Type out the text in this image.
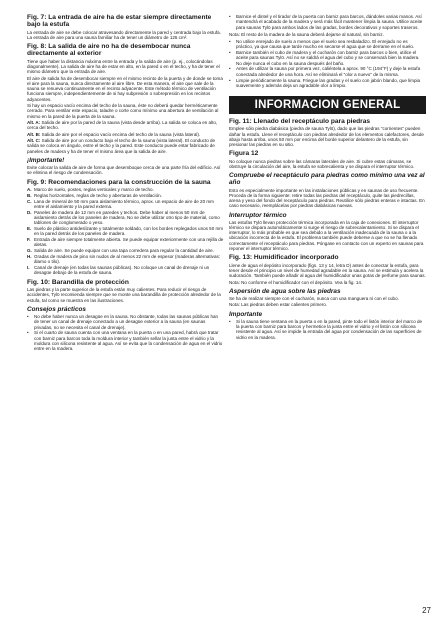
Fig. 7: La entrada de aire ha de estar siempre directamente bajo la estufa

La entrada de aire se debe colocar atravesando directamente la pared y centrada bajo la estufa. La entrada de aire para una sauna familiar ha de tener un diámetro de 125 cm².

Fig. 8: La salida de aire no ha de desembocar nunca directamente al exterior

Tiene que haber la distancia máxima entre la entrada y la salida de aire (p. ej., colocándolas diagonalmente). La salida de aire ha de estar en alto, en la pared o en el techo, y ha de tener el mismo diámetro que la entrada de aire.

El aire de salida ha de desembocar siempre en el mismo recinto de la puerta y de donde se toma el aire para la sauna, nunca directamente al aire libre. De esta manera, el aire que sale de la sauna se renueva continuamente en el recinto adyacente. Este método térmico de ventilación funciona siempre, independientemente de si hay subpresión o sobrepresión en los recintos adyacentes.

Si hay un espacio vacío encima del techo de la sauna, éste no deberá quedar herméticamente cerrado. Para ventilar este espacio, taladre o corte como mínimo una abertura de ventilación al mismo en la pared de la puerta de la sauna.

Alt. A: Salida de aire por la pared de la sauna (vista desde arriba). La salida se coloca en alto, cerca del techo.

Alt. B: Salida de aire por el espacio vacío encima del techo de la sauna (vista lateral).

Alt. C: Salida de aire por un conducto bajo el techo de la sauna (vista lateral). El conducto de salida se coloca en ángulo, entre el techo y la pared. Este conducto puede estar fabricado de paneles de madera y ha de tener el mismo área que la salida de aire.

¡Importante!

Evite colocar la salida de aire de forma que desemboque cerca de una parte fría del edificio. Así se elimina el riesgo de condensación.

Fig. 9: Recomendaciones para la construcción de la sauna
A. Marco de suelo, postes, reglas verticales y marco de techo.
B. Reglas horizontales, reglas de techo y aberturas de ventilación.
C. Lana de mineral de 50 mm para aislamiento térmico, aprox. un espacio de aire de 20 mm entre el aislamiento y la pared externa.
D. Paneles de madera de 12 mm en paredes y techos. Debe haber al menos 50 mm de aislamiento detrás de los paneles de madera. No se debe utilizar otro tipo de material, como tablones de conglomerado o yeso.
E. Suelo de plástico antideslizante y totalmente soldado, con los bordes replegados unos 50 mm en la pared detrás de los paneles de madera.
F. Entrada de aire siempre totalmente abierta. Se puede equipar exteriormente con una rejilla de aletas.
G. Salida de aire. Se puede equipar con una tapa corredera para regular la cantidad de aire.
H. Gradas de madera de pino sin nudos de al menos 22 mm de espesor (maderas alternativas: álamo o tilo).
I. Canal de drenaje (en todas las saunas públicas). No coloque un canal de drenaje ni un desagüe debajo de la estufa de sauna.
Fig. 10: Barandilla de protección

Las piedras y la parte superior de la estufa están muy calientes. Para reducir el riesgo de accidentes, Tylö recomienda siempre que se monte una barandilla de protección alrededor de la estufa, tal como se muestra en las ilustraciones.

Consejos prácticos
• No debe haber nunca un desagüe en la sauna. No obstante, todas las saunas públicas han de tener un canal de drenaje conectado a un desagüe exterior a la sauna (en saunas privadas, no se necesita el canal de drenaje).
• Si el cuarto de sauna cuenta con una ventana en la puerta o en una pared, habrá que tratar con barniz para barcos toda la moldura interior y también sellar la junta entre el vidrio y la moldura con silicona resistente al agua. Así se evita que la condensación de agua en el vidrio entre en la madera.
• Barnice el dintel y el tirador de la puerta con barniz para barcos, dándoles varias manos. Así mantendrá el acabado de la madera y será más fácil mantener limpia la sauna. Utilice aceite para saunas Tylö para ambos lados de las gradas, bordes decorativos y soportes traseros.

Nota: El resto de la madera de la sauna deberá dejarse al natural, sin barniz.

• No utilice enrejado de suelo a menos que el suelo sea resbaladizo. El enrejado no es práctico, ya que causa que tarde mucho en secarse el agua que se derrame en el suelo.
• Barnice también el cubo de madera y el cucharón con barniz para barcos o bien, utilice el aceite para saunas Tylö. Así no se saldrá el agua del cubo y se conservará bien la madera. No deje nunca el cubo en la sauna después del baño.
• Antes de utilizar la sauna por primera vez, caliéntela a aprox. 90 °C (194°F) y deje la estufa conectada alrededor de una hora. Así se eliminará el "olor a nuevo" de la misma.
• Limpie periódicamente la sauna. Friegue las gradas y el suelo con jabón blando, que limpia suavemente y además deja un agradable olor a limpio.
INFORMACION GENERAL
Fig. 11: Llenado del receptáculo para piedras

Emplee sólo piedra diabásica (piedra de sauna Tylö), dado que las piedras "corrientes" pueden dañar la estufa. Llene el receptáculo con piedras alrededor de los elementos calefactores, desde abajo hasta arriba, unos 50 mm por encima del borde superior delantero de la estufa, sin presionar las piedras en su sitio.

Figura 12

No coloque nunca piedras sobre las cámaras laterales de aire. Si cubre estas cámaras, se obstruye la circulación del aire, la estufa se sobrecalienta y se dispara el interruptor térmico.

Compruebe el receptáculo para piedras como mínimo una vez al año

Esto es especialmente importante en las instalaciones públicas y en saunas de uso frecuente. Proceda de la forma siguiente: retire todas las piedras del receptáculo, quite las piedrecillas, arena y yeso del fondo del receptáculo para piedras. Reutilice sólo piedras enteras e intactas. En caso necesario, reemplácelas por piedras diabásicas nuevas.

Interruptor térmico

Las estufas Tylö llevan protección térmica incorporada en la caja de conexiones. El interruptor térmico se dispara automáticamente si surge el riesgo de sobrecalentamiento. Si se dispara el interruptor, lo más probable es que sea debido a la ventilación inadecuada de la sauna o a la ubicación incorrecta de la estufa. El problema también puede deberse a que no se ha llenado correctamente el receptáculo para piedras. Póngase en contacto con un experto en saunas para reponer el interruptor térmico.

Fig. 13: Humidificador incorporado

Llene de agua el depósito incorporado (figs. 13 y 14, letra D) antes de conectar la estufa, para tener desde el principio un nivel de humedad agradable en la sauna. Así se estimula y acelera la sudoración. También puede añadir al agua del humidificador unas gotas de perfume para saunas.

Nota: No conforme el humidificador con el depósito. Vea la fig. 14.

Aspersión de agua sobre las piedras

Se ha de realizar siempre con el cucharón, nunca con una manguera ni con el cubo.

Nota: Las piedras deben estar calientes primero.

Importante
• Si la sauna tiene ventana en la puerta o en la pared, pinte todo el listón interior del marco de la puerta con barniz para barcos y hermetice la junta entre el vidrio y el listón con silicona resistente al agua. Así se impide la entrada del agua por condensación de las superficies de vidrio en la madera.
27
